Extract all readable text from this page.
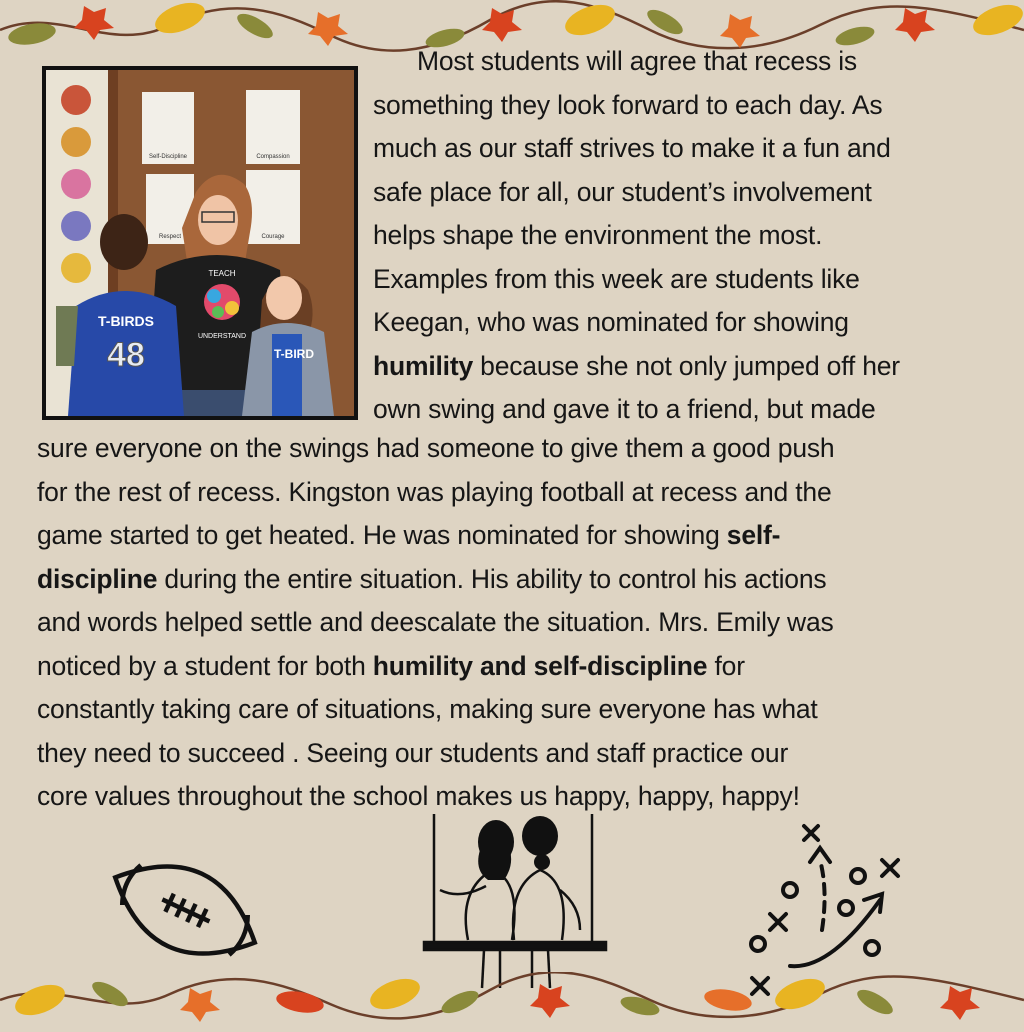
Self-Discipline	Compassion
Respect	Courage
TEACH
UNDERSTAND
T-BIRDS
48	T-BIRD
Most students will agree that recess is
something they look forward to each day. As
much as our staff strives to make it a fun and
safe place for all, our student’s involvement
helps shape the environment the most.
Examples from this week are students like
Keegan, who was nominated for showing
humility because she not only jumped off her
own swing and gave it to a friend, but made
sure everyone on the swings had someone to give them a good push
for the rest of recess. Kingston was playing football at recess and the
game started to get heated. He was nominated for showing self-
discipline during the entire situation. His ability to control his actions
and words helped settle and deescalate the situation. Mrs. Emily was
noticed by a student for both humility and self-discipline for
constantly taking care of situations, making sure everyone has what
they need to succeed . Seeing our students and staff practice our
core values throughout the school makes us happy, happy, happy!
